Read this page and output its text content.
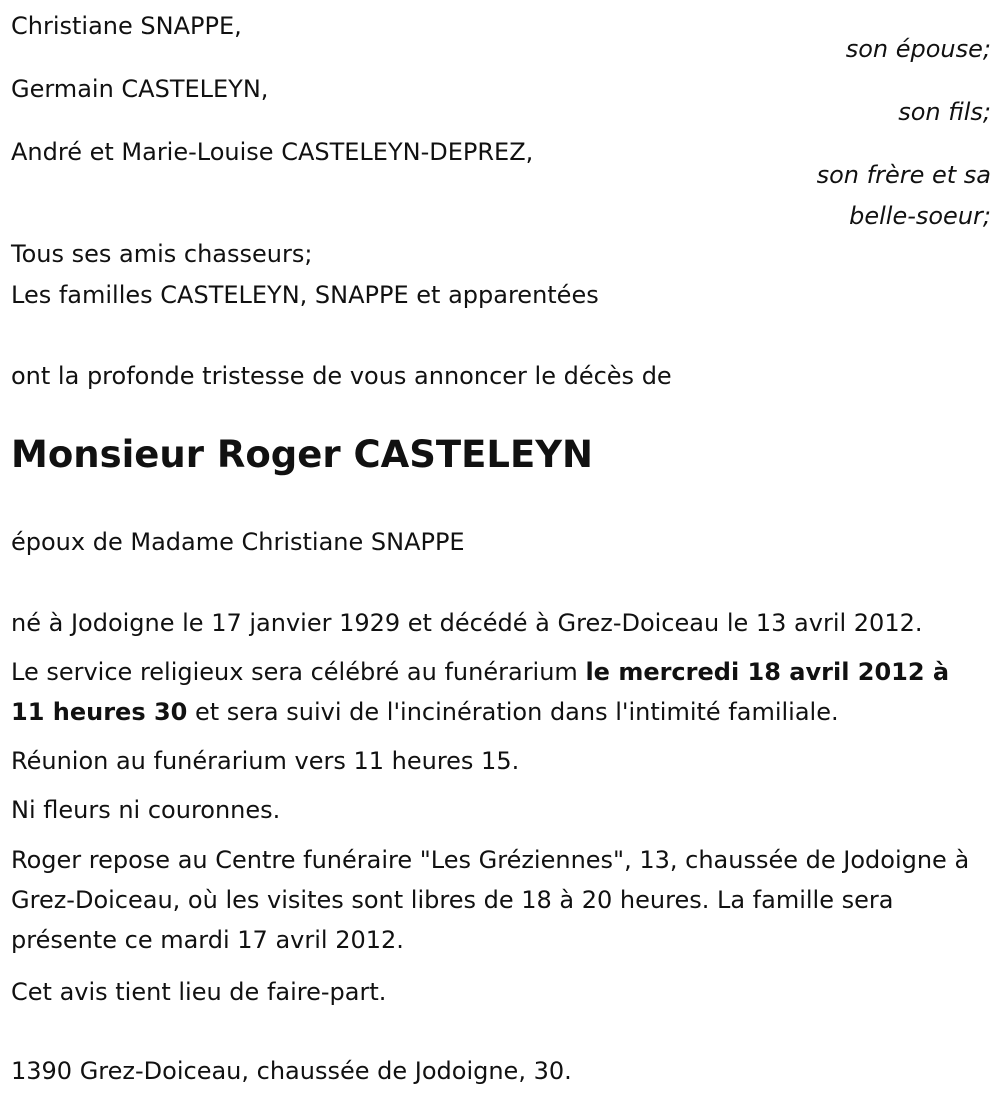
Christiane SNAPPE,
son épouse;
Germain CASTELEYN,
son fils;
André et Marie-Louise CASTELEYN-DEPREZ,
son frère et sa
belle-soeur;
Tous ses amis chasseurs;
Les familles CASTELEYN, SNAPPE et apparentées
ont la profonde tristesse de vous annoncer le décès de
Monsieur Roger CASTELEYN
époux de Madame Christiane SNAPPE
né à Jodoigne le 17 janvier 1929 et décédé à Grez-Doiceau le 13 avril 2012.
Le service religieux sera célébré au funérarium le mercredi 18 avril 2012 à 11 heures 30 et sera suivi de l'incinération dans l'intimité familiale.
Réunion au funérarium vers 11 heures 15.
Ni fleurs ni couronnes.
Roger repose au Centre funéraire "Les Gréziennes", 13, chaussée de Jodoigne à Grez-Doiceau, où les visites sont libres de 18 à 20 heures. La famille sera présente ce mardi 17 avril 2012.
Cet avis tient lieu de faire-part.
1390 Grez-Doiceau, chaussée de Jodoigne, 30.
